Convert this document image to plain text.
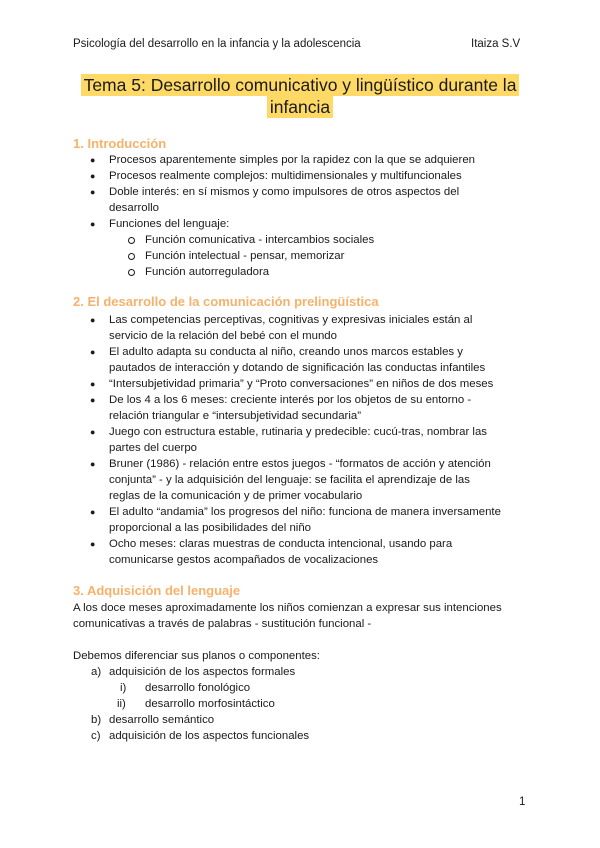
Psicología del desarrollo en la infancia y la adolescencia	Itaiza S.V
Tema 5: Desarrollo comunicativo y lingüístico durante la
infancia
1. Introducción
● Procesos aparentemente simples por la rapidez con la que se adquieren
● Procesos realmente complejos: multidimensionales y multifuncionales
● Doble interés: en sí mismos y como impulsores de otros aspectos del
desarrollo
● Funciones del lenguaje:
Función comunicativa - intercambios sociales
Función intelectual - pensar, memorizar
Función autorreguladora
2. El desarrollo de la comunicación prelingüística
● Las competencias perceptivas, cognitivas y expresivas iniciales están al
servicio de la relación del bebé con el mundo
● El adulto adapta su conducta al niño, creando unos marcos estables y
pautados de interacción y dotando de significación las conductas infantiles
● “Intersubjetividad primaria” y “Proto conversaciones” en niños de dos meses
● De los 4 a los 6 meses: creciente interés por los objetos de su entorno -
relación triangular e “intersubjetividad secundaria”
● Juego con estructura estable, rutinaria y predecible: cucú-tras, nombrar las
partes del cuerpo
● Bruner (1986) - relación entre estos juegos - “formatos de acción y atención
conjunta” - y la adquisición del lenguaje: se facilita el aprendizaje de las
reglas de la comunicación y de primer vocabulario
● El adulto “andamia” los progresos del niño: funciona de manera inversamente
proporcional a las posibilidades del niño
● Ocho meses: claras muestras de conducta intencional, usando para
comunicarse gestos acompañados de vocalizaciones
3. Adquisición del lenguaje
A los doce meses aproximadamente los niños comienzan a expresar sus intenciones
comunicativas a través de palabras - sustitución funcional -
Debemos diferenciar sus planos o componentes:
a) adquisición de los aspectos formales
i) desarrollo fonológico
ii) desarrollo morfosintáctico
b) desarrollo semántico
c) adquisición de los aspectos funcionales
1
